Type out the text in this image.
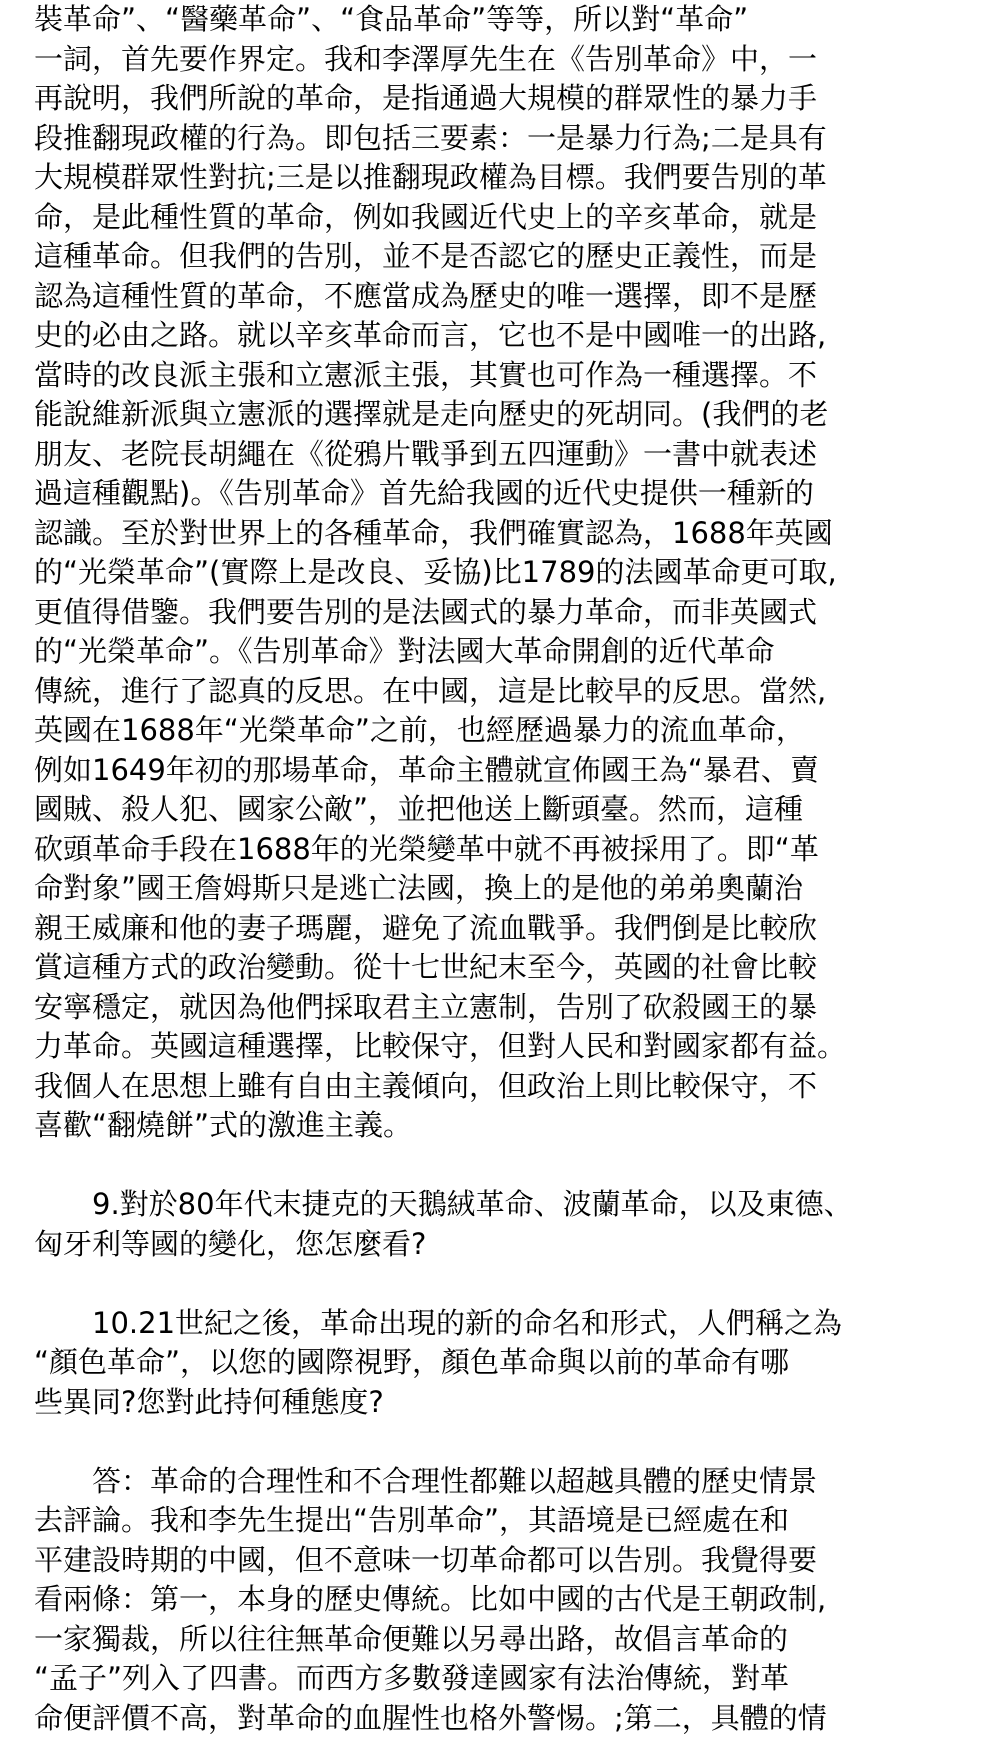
裝革命”、“醫藥革命”、“食品革命”等等，所以對“革命”
一詞，首先要作界定。我和李澤厚先生在《告別革命》中，一
再說明，我們所說的革命，是指通過大規模的群眾性的暴力手
段推翻現政權的行為。即包括三要素：一是暴力行為;二是具有
大規模群眾性對抗;三是以推翻現政權為目標。我們要告別的革
命，是此種性質的革命，例如我國近代史上的辛亥革命，就是
這種革命。但我們的告別，並不是否認它的歷史正義性，而是
認為這種性質的革命，不應當成為歷史的唯一選擇，即不是歷
史的必由之路。就以辛亥革命而言，它也不是中國唯一的出路,
當時的改良派主張和立憲派主張，其實也可作為一種選擇。不
能說維新派與立憲派的選擇就是走向歷史的死胡同。(我們的老
朋友、老院長胡繩在《從鴉片戰爭到五四運動》一書中就表述
過這種觀點)。《告別革命》首先給我國的近代史提供一種新的
認識。至於對世界上的各種革命，我們確實認為，1688年英國
的“光榮革命”(實際上是改良、妥協)比1789的法國革命更可取,
更值得借鑒。我們要告別的是法國式的暴力革命，而非英國式
的“光榮革命”。《告別革命》對法國大革命開創的近代革命
傳統，進行了認真的反思。在中國，這是比較早的反思。當然,
英國在1688年“光榮革命”之前，也經歷過暴力的流血革命，
例如1649年初的那場革命，革命主體就宣佈國王為“暴君、賣
國賊、殺人犯、國家公敵”，並把他送上斷頭臺。然而，這種
砍頭革命手段在1688年的光榮變革中就不再被採用了。即“革
命對象”國王詹姆斯只是逃亡法國，換上的是他的弟弟奧蘭治
親王威廉和他的妻子瑪麗，避免了流血戰爭。我們倒是比較欣
賞這種方式的政治變動。從十七世紀末至今，英國的社會比較
安寧穩定，就因為他們採取君主立憲制，告別了砍殺國王的暴
力革命。英國這種選擇，比較保守，但對人民和對國家都有益。
我個人在思想上雖有自由主義傾向，但政治上則比較保守，不
喜歡“翻燒餅”式的激進主義。
9.對於80年代末捷克的天鵝絨革命、波蘭革命，以及東德、
匈牙利等國的變化，您怎麼看?
10.21世紀之後，革命出現的新的命名和形式，人們稱之為
“顏色革命”，以您的國際視野，顏色革命與以前的革命有哪
些異同?您對此持何種態度?
答：革命的合理性和不合理性都難以超越具體的歷史情景
去評論。我和李先生提出“告別革命”，其語境是已經處在和
平建設時期的中國，但不意味一切革命都可以告別。我覺得要
看兩條：第一，本身的歷史傳統。比如中國的古代是王朝政制,
一家獨裁，所以往往無革命便難以另尋出路，故倡言革命的
“孟子”列入了四書。而西方多數發達國家有法治傳統，對革
命便評價不高，對革命的血腥性也格外警惕。;第二，具體的情
